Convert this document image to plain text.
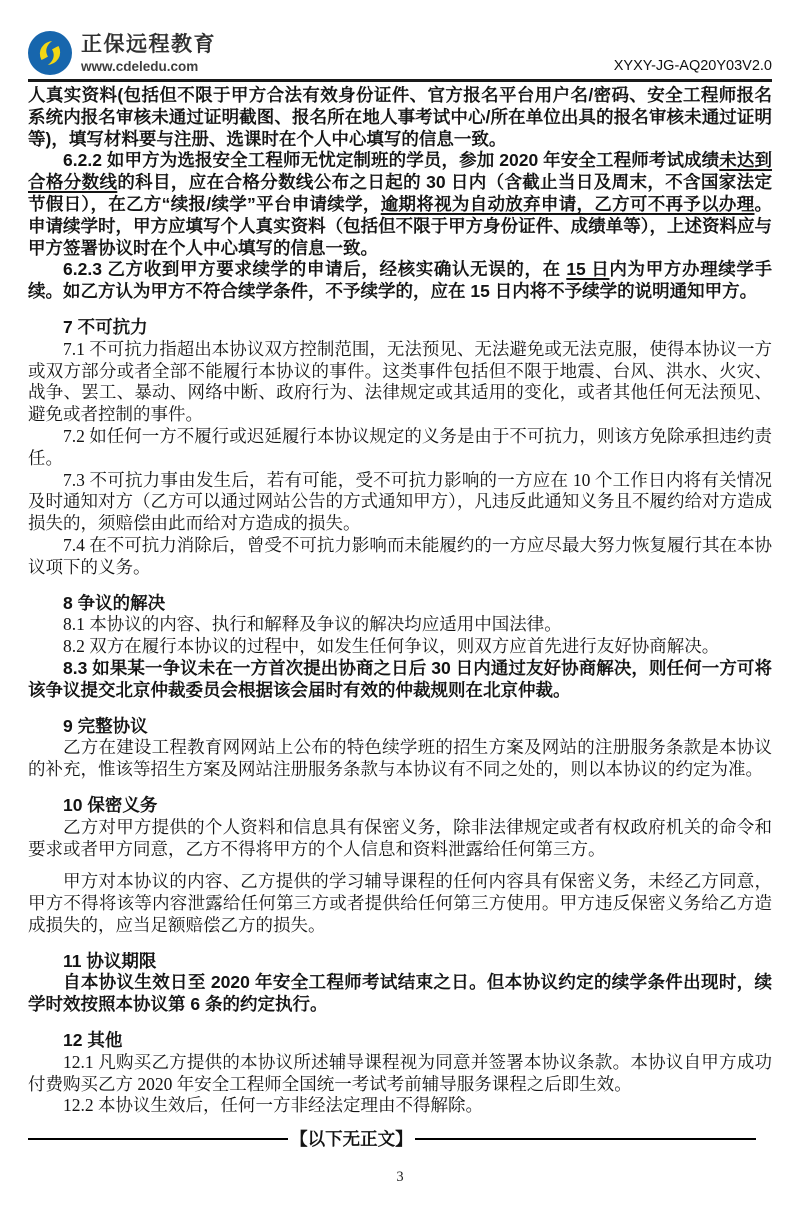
正保远程教育
www.cdeledu.com	XYXY-JG-AQ20Y03V2.0

人真实资料(包括但不限于甲方合法有效身份证件、官方报名平台用户名/密码、安全工程师报名系统内报名审核未通过证明截图、报名所在地人事考试中心/所在单位出具的报名审核未通过证明等)，填写材料要与注册、选课时在个人中心填写的信息一致。

6.2.2 如甲方为选报安全工程师无忧定制班的学员，参加 2020 年安全工程师考试成绩未达到合格分数线的科目，应在合格分数线公布之日起的 30 日内（含截止当日及周末，不含国家法定节假日），在乙方“续报/续学”平台申请续学，逾期将视为自动放弃申请，乙方可不再予以办理。申请续学时，甲方应填写个人真实资料（包括但不限于甲方身份证件、成绩单等），上述资料应与甲方签署协议时在个人中心填写的信息一致。

6.2.3 乙方收到甲方要求续学的申请后，经核实确认无误的，在 15 日内为甲方办理续学手续。如乙方认为甲方不符合续学条件，不予续学的，应在 15 日内将不予续学的说明通知甲方。

7 不可抗力

7.1 不可抗力指超出本协议双方控制范围，无法预见、无法避免或无法克服，使得本协议一方或双方部分或者全部不能履行本协议的事件。这类事件包括但不限于地震、台风、洪水、火灾、战争、罢工、暴动、网络中断、政府行为、法律规定或其适用的变化，或者其他任何无法预见、避免或者控制的事件。

7.2 如任何一方不履行或迟延履行本协议规定的义务是由于不可抗力，则该方免除承担违约责任。

7.3 不可抗力事由发生后，若有可能，受不可抗力影响的一方应在 10 个工作日内将有关情况及时通知对方（乙方可以通过网站公告的方式通知甲方），凡违反此通知义务且不履约给对方造成损失的，须赔偿由此而给对方造成的损失。

7.4 在不可抗力消除后，曾受不可抗力影响而未能履约的一方应尽最大努力恢复履行其在本协议项下的义务。

8 争议的解决

8.1 本协议的内容、执行和解释及争议的解决均应适用中国法律。

8.2 双方在履行本协议的过程中，如发生任何争议，则双方应首先进行友好协商解决。

8.3 如果某一争议未在一方首次提出协商之日后 30 日内通过友好协商解决，则任何一方可将该争议提交北京仲裁委员会根据该会届时有效的仲裁规则在北京仲裁。

9 完整协议

乙方在建设工程教育网网站上公布的特色续学班的招生方案及网站的注册服务条款是本协议的补充，惟该等招生方案及网站注册服务条款与本协议有不同之处的，则以本协议的约定为准。

10 保密义务

乙方对甲方提供的个人资料和信息具有保密义务，除非法律规定或者有权政府机关的命令和要求或者甲方同意，乙方不得将甲方的个人信息和资料泄露给任何第三方。

甲方对本协议的内容、乙方提供的学习辅导课程的任何内容具有保密义务，未经乙方同意，甲方不得将该等内容泄露给任何第三方或者提供给任何第三方使用。甲方违反保密义务给乙方造成损失的，应当足额赔偿乙方的损失。

11 协议期限

自本协议生效日至 2020 年安全工程师考试结束之日。但本协议约定的续学条件出现时，续学时效按照本协议第 6 条的约定执行。

12 其他

12.1 凡购买乙方提供的本协议所述辅导课程视为同意并签署本协议条款。本协议自甲方成功付费购买乙方 2020 年安全工程师全国统一考试考前辅导服务课程之后即生效。

12.2 本协议生效后，任何一方非经法定理由不得解除。

【以下无正文】
3
